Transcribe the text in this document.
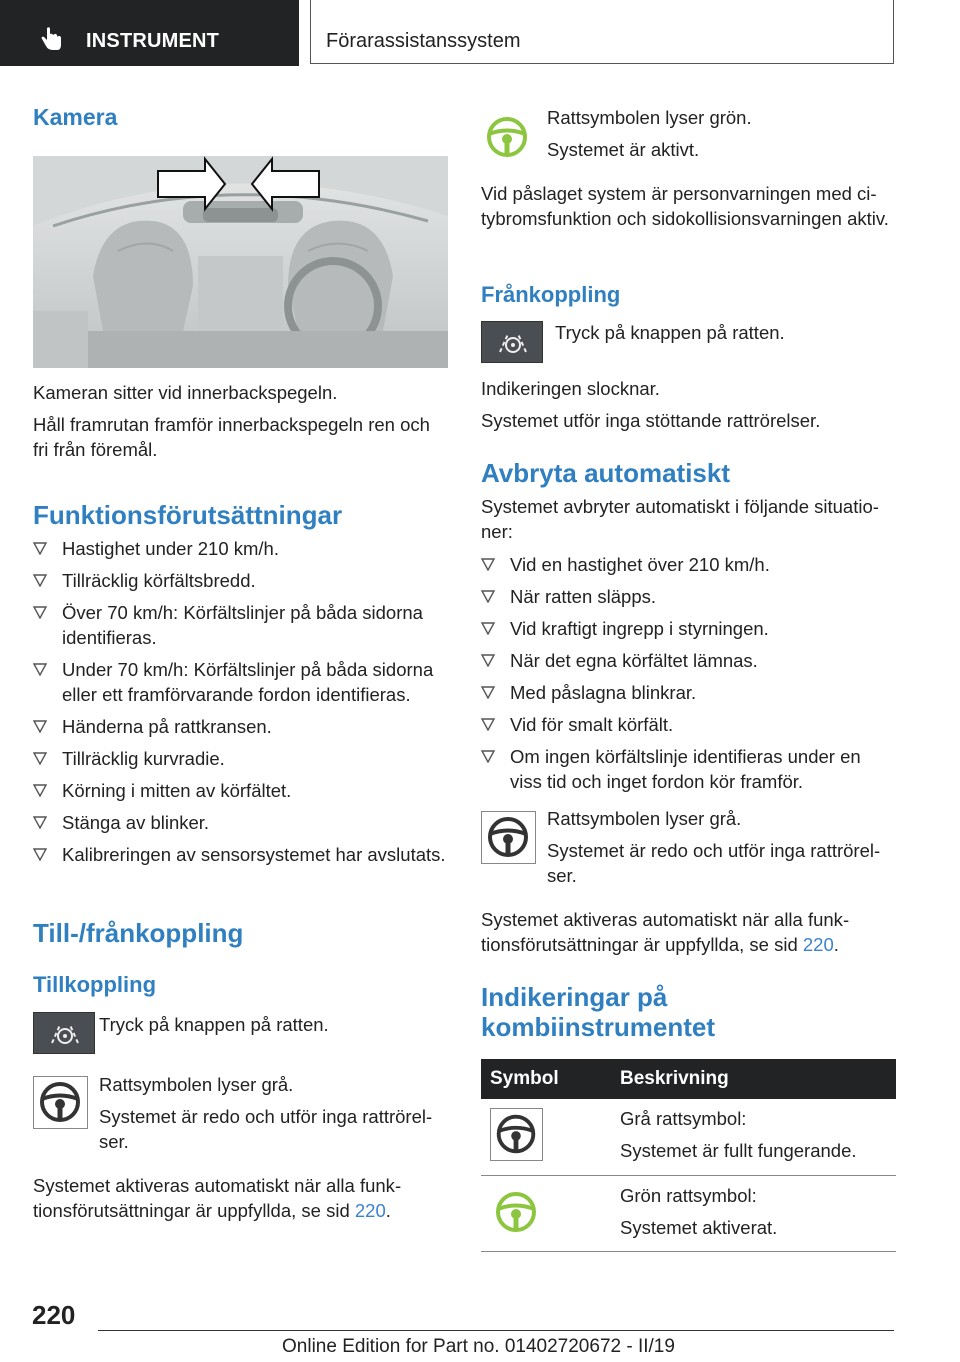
INSTRUMENT	Förarassistanssystem
Kamera

Kameran sitter vid innerbackspegeln.

Håll framrutan framför innerbackspegeln ren och fri från föremål.

Funktionsförutsättningar
Hastighet under 210 km/h.
Tillräcklig körfältsbredd.
Över 70 km/h: Körfältslinjer på båda sidorna identifieras.
Under 70 km/h: Körfältslinjer på båda sidorna eller ett framförvarande fordon identifieras.
Händerna på rattkransen.
Tillräcklig kurvradie.
Körning i mitten av körfältet.
Stänga av blinker.
Kalibreringen av sensorsystemet har avslutats.
Till-/frånkoppling
Tillkoppling

Tryck på knappen på ratten.

Rattsymbolen lyser grå.

Systemet är redo och utför inga rattrörelser.

Systemet aktiveras automatiskt när alla funktionsförutsättningar är uppfyllda, se sid 220.

Rattsymbolen lyser grön.

Systemet är aktivt.

Vid påslaget system är personvarningen med citybromsfunktion och sidokollisionsvarningen aktiv.

Frånkoppling

Tryck på knappen på ratten.

Indikeringen slocknar.

Systemet utför inga stöttande rattrörelser.

Avbryta automatiskt

Systemet avbryter automatiskt i följande situationer:

Vid en hastighet över 210 km/h.
När ratten släpps.
Vid kraftigt ingrepp i styrningen.
När det egna körfältet lämnas.
Med påslagna blinkrar.
Vid för smalt körfält.
Om ingen körfältslinje identifieras under en viss tid och inget fordon kör framför.

Rattsymbolen lyser grå.

Systemet är redo och utför inga rattrörelser.

Systemet aktiveras automatiskt när alla funktionsförutsättningar är uppfyllda, se sid 220.

Indikeringar på kombiinstrumentet
Symbol	Beskrivning

Grå rattsymbol:

Systemet är fullt fungerande.

Grön rattsymbol:

Systemet aktiverat.

220
Online Edition for Part no. 01402720672 - II/19
